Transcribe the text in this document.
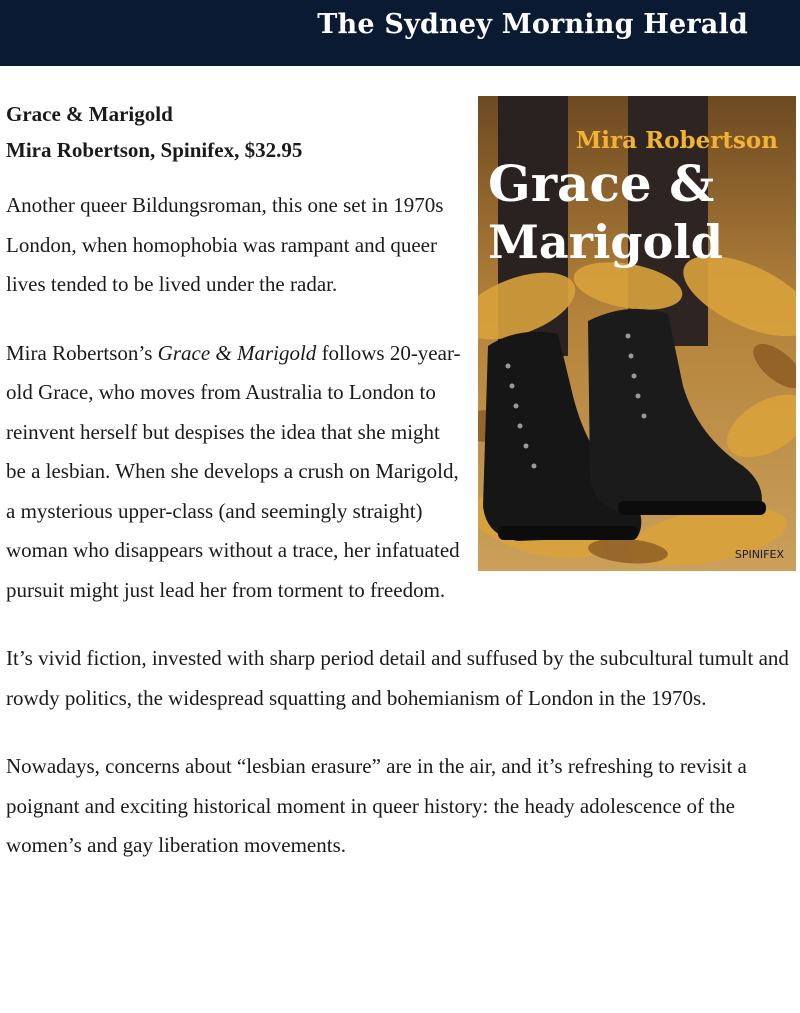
The Sydney Morning Herald
Mira Robertson
Grace &
Marigold
SPINIFEX
Grace & Marigold
Mira Robertson, Spinifex, $32.95

Another queer Bildungsroman, this one set in 1970s London, when homophobia was rampant and queer lives tended to be lived under the radar.

Mira Robertson’s Grace & Marigold follows 20-year-old Grace, who moves from Australia to London to reinvent herself but despises the idea that she might be a lesbian. When she develops a crush on Marigold, a mysterious upper-class (and seemingly straight) woman who disappears without a trace, her infatuated pursuit might just lead her from torment to freedom.

It’s vivid fiction, invested with sharp period detail and suffused by the subcultural tumult and rowdy politics, the widespread squatting and bohemianism of London in the 1970s.

Nowadays, concerns about “lesbian erasure” are in the air, and it’s refreshing to revisit a poignant and exciting historical moment in queer history: the heady adolescence of the women’s and gay liberation movements.
